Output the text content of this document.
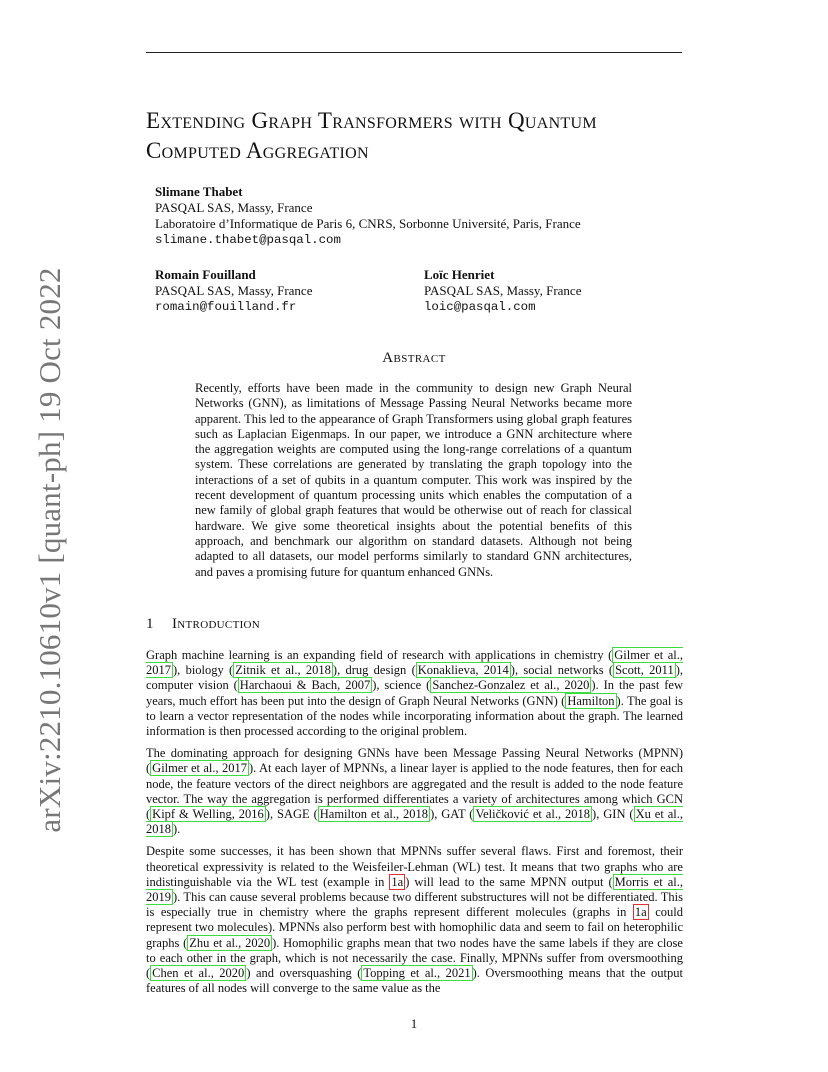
arXiv:2210.10610v1 [quant-ph] 19 Oct 2022
Extending Graph Transformers with Quantum
Computed Aggregation
Slimane Thabet
PASQAL SAS, Massy, France
Laboratoire d’Informatique de Paris 6, CNRS, Sorbonne Université, Paris, France
slimane.thabet@pasqal.com
Romain Fouilland
PASQAL SAS, Massy, France
romain@fouilland.fr
Loïc Henriet
PASQAL SAS, Massy, France
loic@pasqal.com
Abstract
Recently, efforts have been made in the community to design new Graph Neural Networks (GNN), as limitations of Message Passing Neural Networks became more apparent. This led to the appearance of Graph Transformers using global graph features such as Laplacian Eigenmaps. In our paper, we introduce a GNN architecture where the aggregation weights are computed using the long-range correlations of a quantum system. These correlations are generated by translating the graph topology into the interactions of a set of qubits in a quantum computer. This work was inspired by the recent development of quantum processing units which enables the computation of a new family of global graph features that would be otherwise out of reach for classical hardware. We give some theoretical insights about the potential benefits of this approach, and benchmark our algorithm on standard datasets. Although not being adapted to all datasets, our model performs similarly to standard GNN architectures, and paves a promising future for quantum enhanced GNNs.
1 Introduction

Graph machine learning is an expanding field of research with applications in chemistry ( Gilmer et al., 2017 ), biology ( Zitnik et al., 2018 ), drug design ( Konaklieva, 2014 ), social networks ( Scott, 2011 ), computer vision ( Harchaoui & Bach, 2007 ), science ( Sanchez-Gonzalez et al., 2020 ). In the past few years, much effort has been put into the design of Graph Neural Networks (GNN) ( Hamilton ). The goal is to learn a vector representation of the nodes while incorporating information about the graph. The learned information is then processed according to the original problem.

The dominating approach for designing GNNs have been Message Passing Neural Networks (MPNN) ( Gilmer et al., 2017 ). At each layer of MPNNs, a linear layer is applied to the node features, then for each node, the feature vectors of the direct neighbors are aggregated and the result is added to the node feature vector. The way the aggregation is performed differentiates a variety of architectures among which GCN ( Kipf & Welling, 2016 ), SAGE ( Hamilton et al., 2018 ), GAT ( Veličković et al., 2018 ), GIN ( Xu et al., 2018 ).

Despite some successes, it has been shown that MPNNs suffer several flaws. First and foremost, their theoretical expressivity is related to the Weisfeiler-Lehman (WL) test. It means that two graphs who are indistinguishable via the WL test (example in 1a ) will lead to the same MPNN output ( Morris et al., 2019 ). This can cause several problems because two different substructures will not be differentiated. This is especially true in chemistry where the graphs represent different molecules (graphs in 1a could represent two molecules). MPNNs also perform best with homophilic data and seem to fail on heterophilic graphs ( Zhu et al., 2020 ). Homophilic graphs mean that two nodes have the same labels if they are close to each other in the graph, which is not necessarily the case. Finally, MPNNs suffer from oversmoothing ( Chen et al., 2020 ) and oversquashing ( Topping et al., 2021 ). Oversmoothing means that the output features of all nodes will converge to the same value as the

1
